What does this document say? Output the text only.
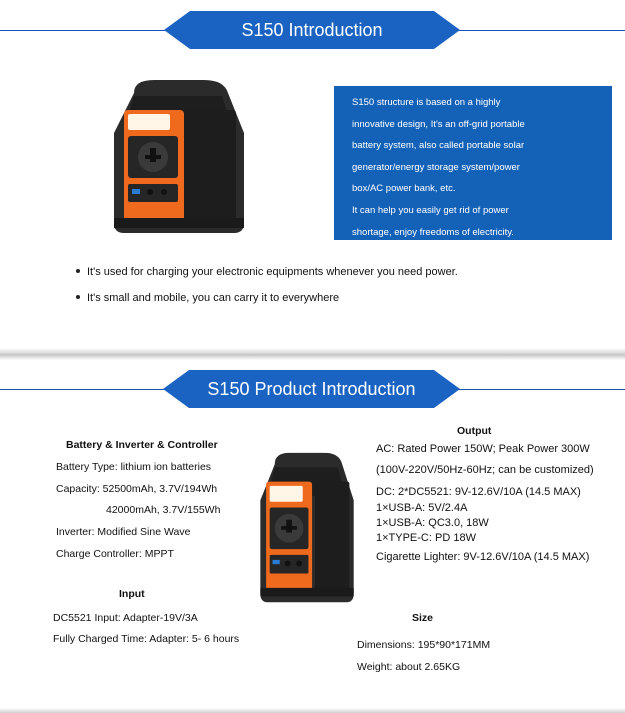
S150 Introduction
S150 structure is based on a highly
innovative design, It's an off-grid portable
battery system, also called portable solar
generator/energy storage system/power
box/AC power bank, etc.
It can help you easily get rid of power
shortage, enjoy freedoms of electricity.
It's used for charging your electronic equipments whenever you need power.
It's small and mobile, you can carry it to everywhere
S150 Product Introduction
Battery & Inverter & Controller
Battery Type: lithium ion batteries
Capacity: 52500mAh, 3.7V/194Wh
42000mAh, 3.7V/155Wh
Inverter: Modified Sine Wave
Charge Controller: MPPT
Input
DC5521 Input: Adapter-19V/3A
Fully Charged Time: Adapter: 5- 6 hours
Output
AC: Rated Power 150W; Peak Power 300W
(100V-220V/50Hz-60Hz; can be customized)
DC: 2*DC5521: 9V-12.6V/10A (14.5 MAX)
1×USB-A: 5V/2.4A
1×USB-A: QC3.0, 18W
1×TYPE-C: PD 18W
Cigarette Lighter: 9V-12.6V/10A (14.5 MAX)
Size
Dimensions: 195*90*171MM
Weight: about 2.65KG
